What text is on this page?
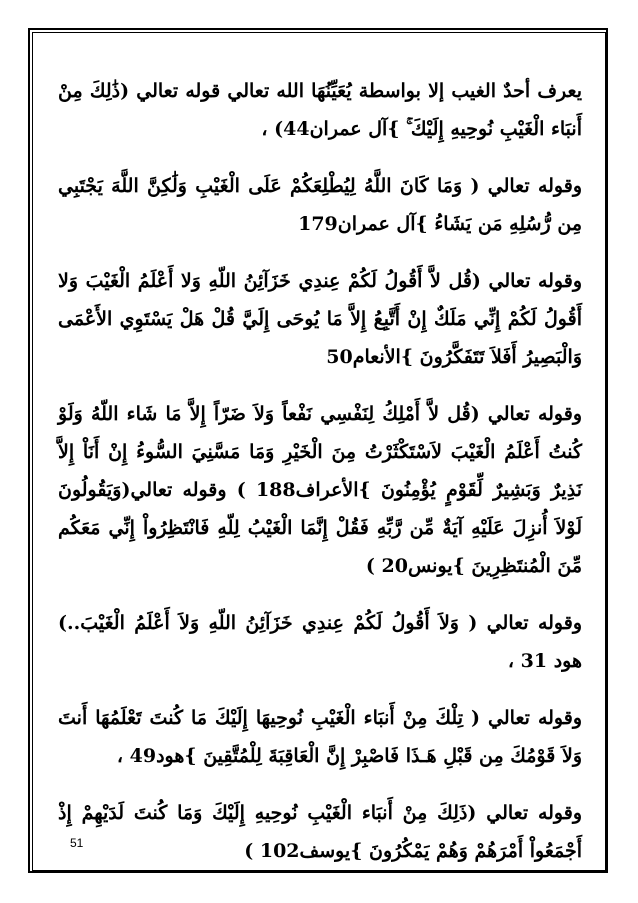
يعرف أحدٌ الغيب إلا بواسطة يُعَيِّنُهَا الله تعالي قوله تعالي (ذَٰلِكَ مِنْ أَنبَاء الْغَيْبِ نُوحِيهِ إِلَيْكَ ۚ }آل عمران44) ،

وقوله تعالي ( وَمَا كَانَ اللَّهُ لِيُطْلِعَكُمْ عَلَى الْغَيْبِ وَلَٰكِنَّ اللَّهَ يَجْتَبِي مِن رُّسُلِهِ مَن يَشَاءُ }آل عمران179

وقوله تعالي (قُل لاَّ أَقُولُ لَكُمْ عِندِي خَزَآئِنُ اللّهِ وَلا أَعْلَمُ الْغَيْبَ وَلا أَقُولُ لَكُمْ إِنِّي مَلَكٌ إِنْ أَتَّبِعُ إِلاَّ مَا يُوحَى إِلَيَّ قُلْ هَلْ يَسْتَوِي الأَعْمَى وَالْبَصِيرُ أَفَلاَ تَتَفَكَّرُونَ }الأنعام50

وقوله تعالي (قُل لاَّ أَمْلِكُ لِنَفْسِي نَفْعاً وَلاَ ضَرّاً إِلاَّ مَا شَاء اللّهُ وَلَوْ كُنتُ أَعْلَمُ الْغَيْبَ لاَسْتَكْثَرْتُ مِنَ الْخَيْرِ وَمَا مَسَّنِيَ السُّوءُ إِنْ أَنَاْ إِلاَّ نَذِيرٌ وَبَشِيرٌ لِّقَوْمٍ يُؤْمِنُونَ }الأعراف188 ) وقوله تعالي(وَيَقُولُونَ لَوْلاَ أُنزِلَ عَلَيْهِ آيَةٌ مِّن رَّبِّهِ فَقُلْ إِنَّمَا الْغَيْبُ لِلّهِ فَانْتَظِرُواْ إِنِّي مَعَكُم مِّنَ الْمُنتَظِرِينَ }يونس20 )

وقوله تعالي ( وَلاَ أَقُولُ لَكُمْ عِندِي خَزَآئِنُ اللّهِ وَلاَ أَعْلَمُ الْغَيْبَ..) هود 31 ،

وقوله تعالي ( تِلْكَ مِنْ أَنبَاء الْغَيْبِ نُوحِيهَا إِلَيْكَ مَا كُنتَ تَعْلَمُهَا أَنتَ وَلاَ قَوْمُكَ مِن قَبْلِ هَـذَا فَاصْبِرْ إِنَّ الْعَاقِبَةَ لِلْمُتَّقِينَ }هود49 ،

وقوله تعالي (ذَلِكَ مِنْ أَنبَاء الْغَيْبِ نُوحِيهِ إِلَيْكَ وَمَا كُنتَ لَدَيْهِمْ إِذْ أَجْمَعُواْ أَمْرَهُمْ وَهُمْ يَمْكُرُونَ }يوسف102 )

51
